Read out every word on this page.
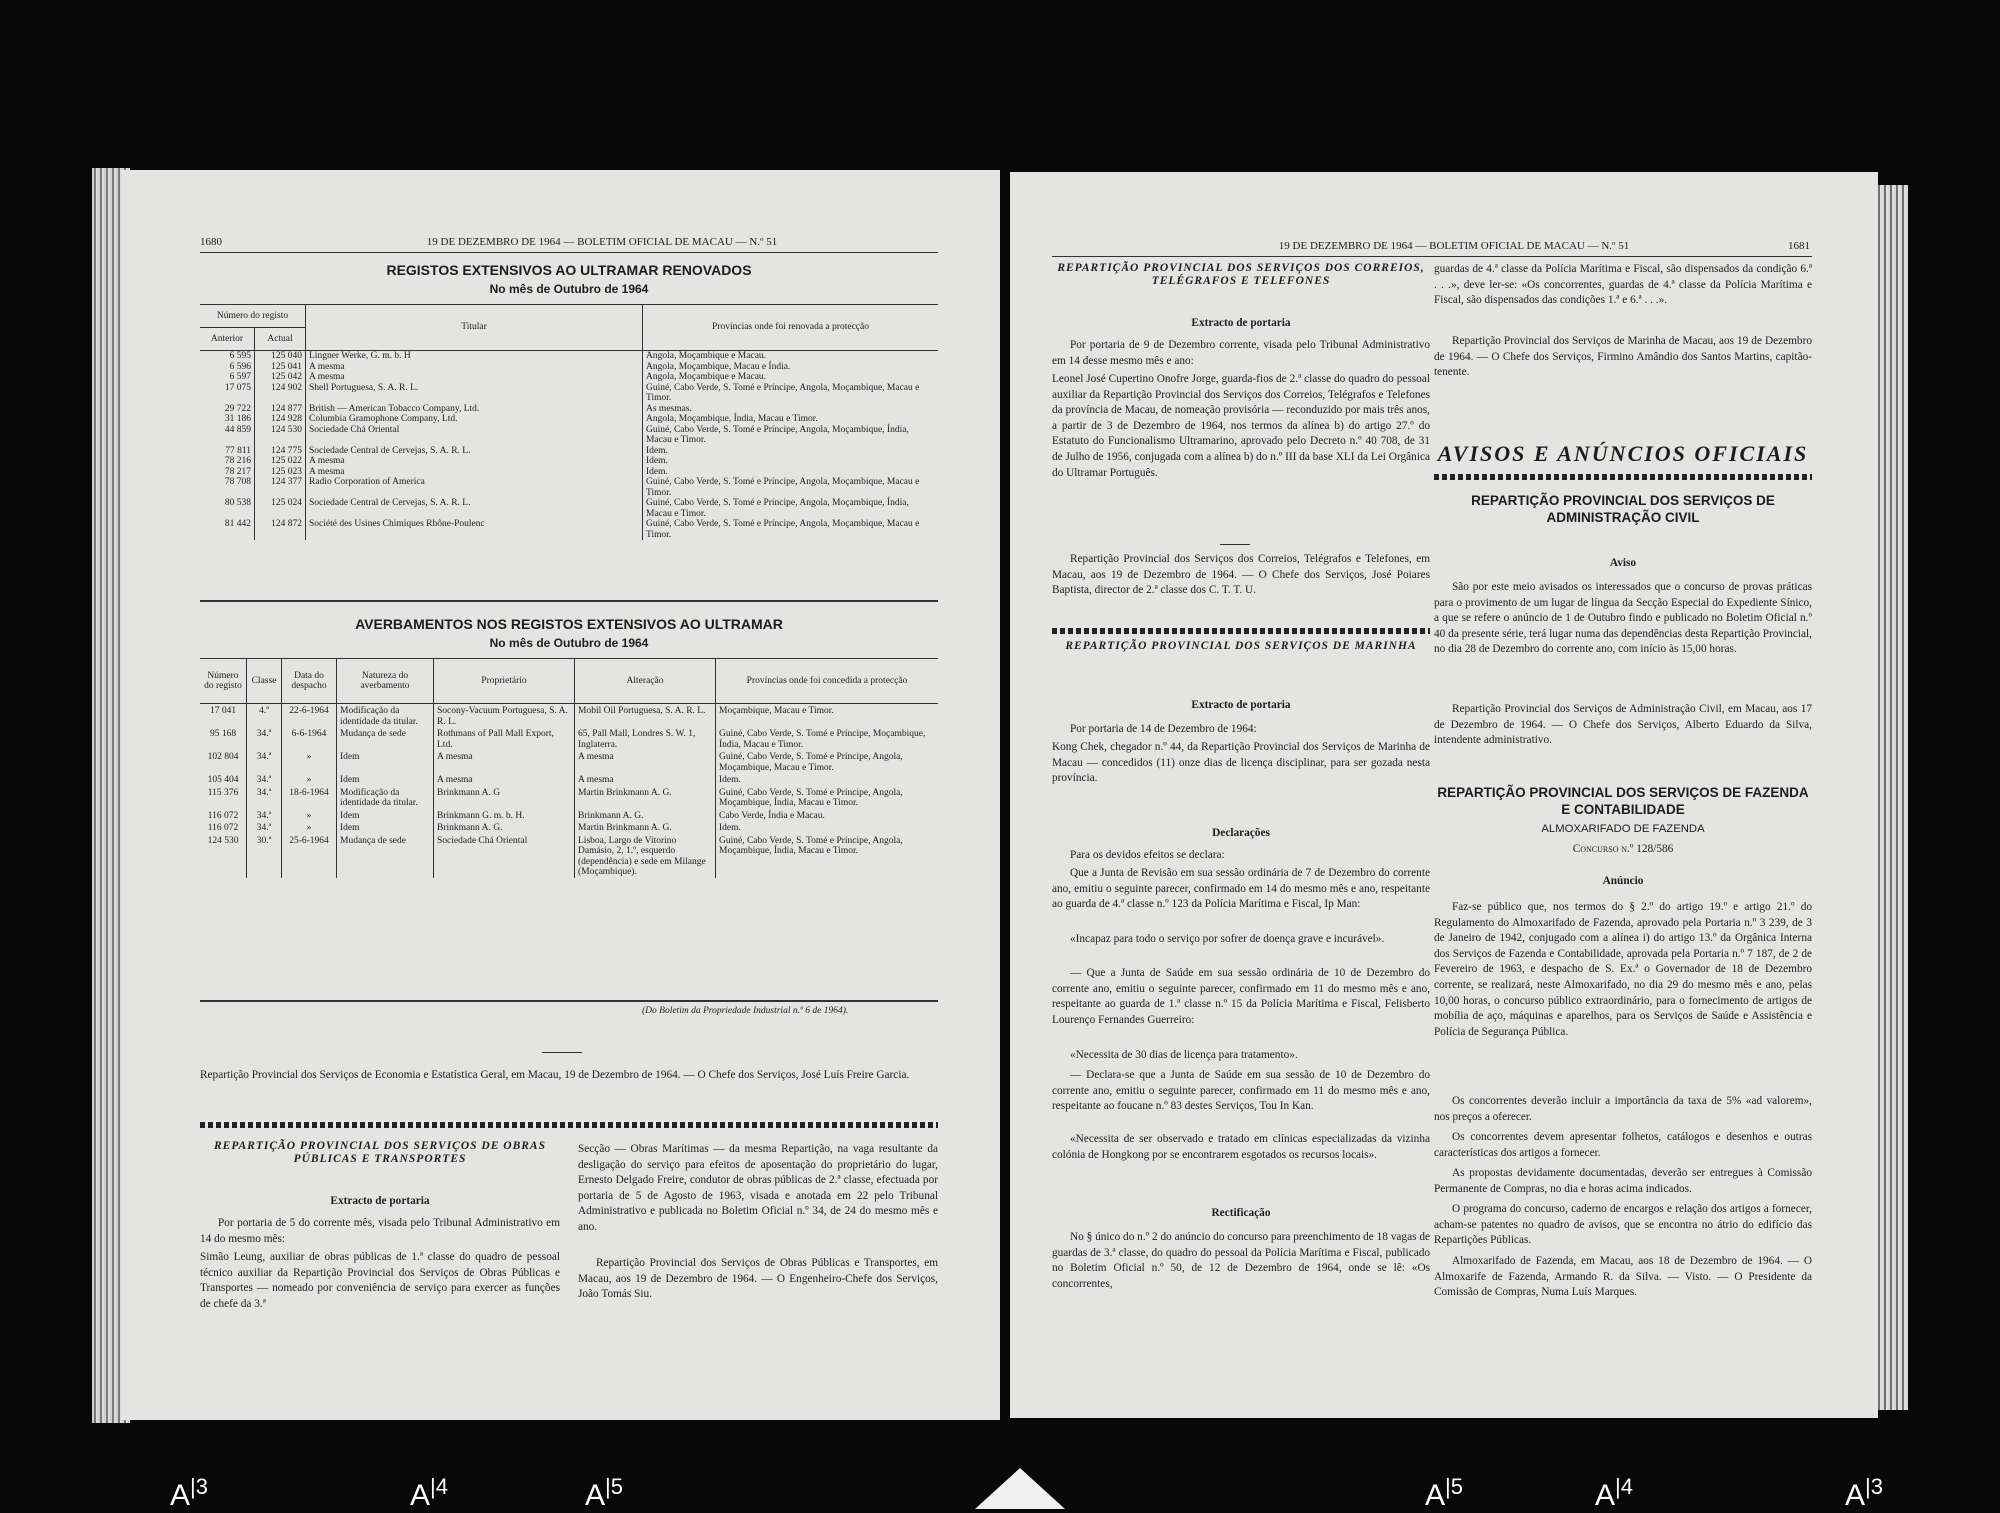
1680	19 DE DEZEMBRO DE 1964 — BOLETIM OFICIAL DE MACAU — N.º 51
REGISTOS EXTENSIVOS AO ULTRAMAR RENOVADOS
No mês de Outubro de 1964
Número do registo		Titular	Províncias onde foi renovada a protecção
Anterior	Actual		
6 595	125 040	Lingner Werke, G. m. b. H	Angola, Moçambique e Macau.
6 596	125 041	A mesma	Angola, Moçambique, Macau e Índia.
6 597	125 042	A mesma	Angola, Moçambique e Macau.
17 075	124 902	Shell Portuguesa, S. A. R. L.	Guiné, Cabo Verde, S. Tomé e Príncipe, Angola, Moçambique, Macau e Timor.
29 722	124 877	British — American Tobacco Company, Ltd.	As mesmas.
31 186	124 928	Columbia Gramophone Company, Ltd.	Angola, Moçambique, Índia, Macau e Timor.
44 859	124 530	Sociedade Chá Oriental	Guiné, Cabo Verde, S. Tomé e Príncipe, Angola, Moçambique, Índia, Macau e Timor.
77 811	124 775	Sociedade Central de Cervejas, S. A. R. L.	Idem.
78 216	125 022	A mesma	Idem.
78 217	125 023	A mesma	Idem.
78 708	124 377	Radio Corporation of America	Guiné, Cabo Verde, S. Tomé e Príncipe, Angola, Moçambique, Macau e Timor.
80 538	125 024	Sociedade Central de Cervejas, S. A. R. L.	Guiné, Cabo Verde, S. Tomé e Príncipe, Angola, Moçambique, Índia, Macau e Timor.
81 442	124 872	Société des Usines Chimiques Rhône-Poulenc	Guiné, Cabo Verde, S. Tomé e Príncipe, Angola, Moçambique, Macau e Timor.
AVERBAMENTOS NOS REGISTOS EXTENSIVOS AO ULTRAMAR
No mês de Outubro de 1964
Número do registo	Classe	Data do despacho	Natureza do averbamento	Proprietário	Alteração	Províncias onde foi concedida a protecção
17 041	4.ª	22-6-1964	Modificação da identidade da titular.	Socony-Vacuum Portuguesa, S. A. R. L.	Mobil Oil Portuguesa, S. A. R. L.	Moçambique, Macau e Timor.
95 168	34.ª	6-6-1964	Mudança de sede	Rothmans of Pall Mall Export, Ltd.	65, Pall Mall, Londres S. W. 1, Inglaterra.	Guiné, Cabo Verde, S. Tomé e Príncipe, Moçambique, Índia, Macau e Timor.
102 804	34.ª	»	Idem	A mesma	A mesma	Guiné, Cabo Verde, S. Tomé e Príncipe, Angola, Moçambique, Macau e Timor.
105 404	34.ª	»	Idem	A mesma	A mesma	Idem.
115 376	34.ª	18-6-1964	Modificação da identidade da titular.	Brinkmann A. G	Martin Brinkmann A. G.	Guiné, Cabo Verde, S. Tomé e Príncipe, Angola, Moçambique, Índia, Macau e Timor.
116 072	34.ª	»	Idem	Brinkmann G. m. b. H.	Brinkmann A. G.	Cabo Verde, Índia e Macau.
116 072	34.ª	»	Idem	Brinkmann A. G.	Martin Brinkmann A. G.	Idem.
124 530	30.ª	25-6-1964	Mudança de sede	Sociedade Chá Oriental	Lisboa, Largo de Vitorino Damásio, 2, 1.º, esquerdo (dependência) e sede em Milange (Moçambique).	Guiné, Cabo Verde, S. Tomé e Príncipe, Angola, Moçambique, Índia, Macau e Timor.
(Do Boletim da Propriedade Industrial n.º 6 de 1964).
Repartição Provincial dos Serviços de Economia e Estatística Geral, em Macau, 19 de Dezembro de 1964. — O Chefe dos Serviços, José Luís Freire Garcia.
REPARTIÇÃO PROVINCIAL DOS SERVIÇOS DE OBRAS PÚBLICAS E TRANSPORTES
Extracto de portaria
Por portaria de 5 do corrente mês, visada pelo Tribunal Administrativo em 14 do mesmo mês:
Simão Leung, auxiliar de obras públicas de 1.ª classe do quadro de pessoal técnico auxiliar da Repartição Provincial dos Serviços de Obras Públicas e Transportes — nomeado por conveniência de serviço para exercer as funções de chefe da 3.ª
Secção — Obras Marítimas — da mesma Repartição, na vaga resultante da desligação do serviço para efeitos de aposentação do proprietário do lugar, Ernesto Delgado Freire, condutor de obras públicas de 2.ª classe, efectuada por portaria de 5 de Agosto de 1963, visada e anotada em 22 pelo Tribunal Administrativo e publicada no Boletim Oficial n.º 34, de 24 do mesmo mês e ano.
Repartição Provincial dos Serviços de Obras Públicas e Transportes, em Macau, aos 19 de Dezembro de 1964. — O Engenheiro-Chefe dos Serviços, João Tomás Siu.
19 DE DEZEMBRO DE 1964 — BOLETIM OFICIAL DE MACAU — N.º 51	1681
REPARTIÇÃO PROVINCIAL DOS SERVIÇOS DOS CORREIOS, TELÉGRAFOS E TELEFONES
Extracto de portaria
Por portaria de 9 de Dezembro corrente, visada pelo Tribunal Administrativo em 14 desse mesmo mês e ano:
Leonel José Cupertino Onofre Jorge, guarda-fios de 2.ª classe do quadro do pessoal auxiliar da Repartição Provincial dos Serviços dos Correios, Telégrafos e Telefones da província de Macau, de nomeação provisória — reconduzido por mais três anos, a partir de 3 de Dezembro de 1964, nos termos da alínea b) do artigo 27.º do Estatuto do Funcionalismo Ultramarino, aprovado pelo Decreto n.º 40 708, de 31 de Julho de 1956, conjugada com a alínea b) do n.º III da base XLI da Lei Orgânica do Ultramar Português.
Repartição Provincial dos Serviços dos Correios, Telégrafos e Telefones, em Macau, aos 19 de Dezembro de 1964. — O Chefe dos Serviços, José Poiares Baptista, director de 2.ª classe dos C. T. T. U.
REPARTIÇÃO PROVINCIAL DOS SERVIÇOS DE MARINHA
Extracto de portaria
Por portaria de 14 de Dezembro de 1964:
Kong Chek, chegador n.º 44, da Repartição Provincial dos Serviços de Marinha de Macau — concedidos (11) onze dias de licença disciplinar, para ser gozada nesta província.
Declarações
Para os devidos efeitos se declara:
Que a Junta de Revisão em sua sessão ordinária de 7 de Dezembro do corrente ano, emitiu o seguinte parecer, confirmado em 14 do mesmo mês e ano, respeitante ao guarda de 4.ª classe n.º 123 da Polícia Marítima e Fiscal, Ip Man:
«Incapaz para todo o serviço por sofrer de doença grave e incurável».
— Que a Junta de Saúde em sua sessão ordinária de 10 de Dezembro do corrente ano, emitiu o seguinte parecer, confirmado em 11 do mesmo mês e ano, respeitante ao guarda de 1.ª classe n.º 15 da Polícia Marítima e Fiscal, Felisberto Lourenço Fernandes Guerreiro:
«Necessita de 30 dias de licença para tratamento».
— Declara-se que a Junta de Saúde em sua sessão de 10 de Dezembro do corrente ano, emitiu o seguinte parecer, confirmado em 11 do mesmo mês e ano, respeitante ao foucane n.º 83 destes Serviços, Tou In Kan.
«Necessita de ser observado e tratado em clínicas especializadas da vizinha colónia de Hongkong por se encontrarem esgotados os recursos locais».
Rectificação
No § único do n.º 2 do anúncio do concurso para preenchimento de 18 vagas de guardas de 3.ª classe, do quadro do pessoal da Polícia Marítima e Fiscal, publicado no Boletim Oficial n.º 50, de 12 de Dezembro de 1964, onde se lê: «Os concorrentes,
guardas de 4.ª classe da Polícia Marítima e Fiscal, são dispensados da condição 6.ª . . .», deve ler-se: «Os concorrentes, guardas de 4.ª classe da Polícia Marítima e Fiscal, são dispensados das condições 1.ª e 6.ª . . .».
Repartição Provincial dos Serviços de Marinha de Macau, aos 19 de Dezembro de 1964. — O Chefe dos Serviços, Firmino Amândio dos Santos Martins, capitão-tenente.
AVISOS E ANÚNCIOS OFICIAIS
REPARTIÇÃO PROVINCIAL DOS SERVIÇOS DE ADMINISTRAÇÃO CIVIL
Aviso
São por este meio avisados os interessados que o concurso de provas práticas para o provimento de um lugar de língua da Secção Especial do Expediente Sínico, a que se refere o anúncio de 1 de Outubro findo e publicado no Boletim Oficial n.º 40 da presente série, terá lugar numa das dependências desta Repartição Provincial, no dia 28 de Dezembro do corrente ano, com início às 15,00 horas.
Repartição Provincial dos Serviços de Administração Civil, em Macau, aos 17 de Dezembro de 1964. — O Chefe dos Serviços, Alberto Eduardo da Silva, intendente administrativo.
REPARTIÇÃO PROVINCIAL DOS SERVIÇOS DE FAZENDA E CONTABILIDADE
ALMOXARIFADO DE FAZENDA
Concurso n.º 128/586
Anúncio
Faz-se público que, nos termos do § 2.º do artigo 19.º e artigo 21.º do Regulamento do Almoxarifado de Fazenda, aprovado pela Portaria n.º 3 239, de 3 de Janeiro de 1942, conjugado com a alínea i) do artigo 13.º da Orgânica Interna dos Serviços de Fazenda e Contabilidade, aprovada pela Portaria n.º 7 187, de 2 de Fevereiro de 1963, e despacho de S. Ex.ª o Governador de 18 de Dezembro corrente, se realizará, neste Almoxarifado, no dia 29 do mesmo mês e ano, pelas 10,00 horas, o concurso público extraordinário, para o fornecimento de artigos de mobília de aço, máquinas e aparelhos, para os Serviços de Saúde e Assistência e Polícia de Segurança Pública.
Os concorrentes deverão incluir a importância da taxa de 5% «ad valorem», nos preços a oferecer.
Os concorrentes devem apresentar folhetos, catálogos e desenhos e outras características dos artigos a fornecer.
As propostas devidamente documentadas, deverão ser entregues à Comissão Permanente de Compras, no dia e horas acima indicados.
O programa do concurso, caderno de encargos e relação dos artigos a fornecer, acham-se patentes no quadro de avisos, que se encontra no átrio do edifício das Repartições Públicas.
Almoxarifado de Fazenda, em Macau, aos 18 de Dezembro de 1964. — O Almoxarife de Fazenda, Armando R. da Silva. — Visto. — O Presidente da Comissão de Compras, Numa Luís Marques.
$A^{|3}$	$A^{|4}$	$A^{|5}$	$A^{|5}$	$A^{|4}$	$A^{|3}$
